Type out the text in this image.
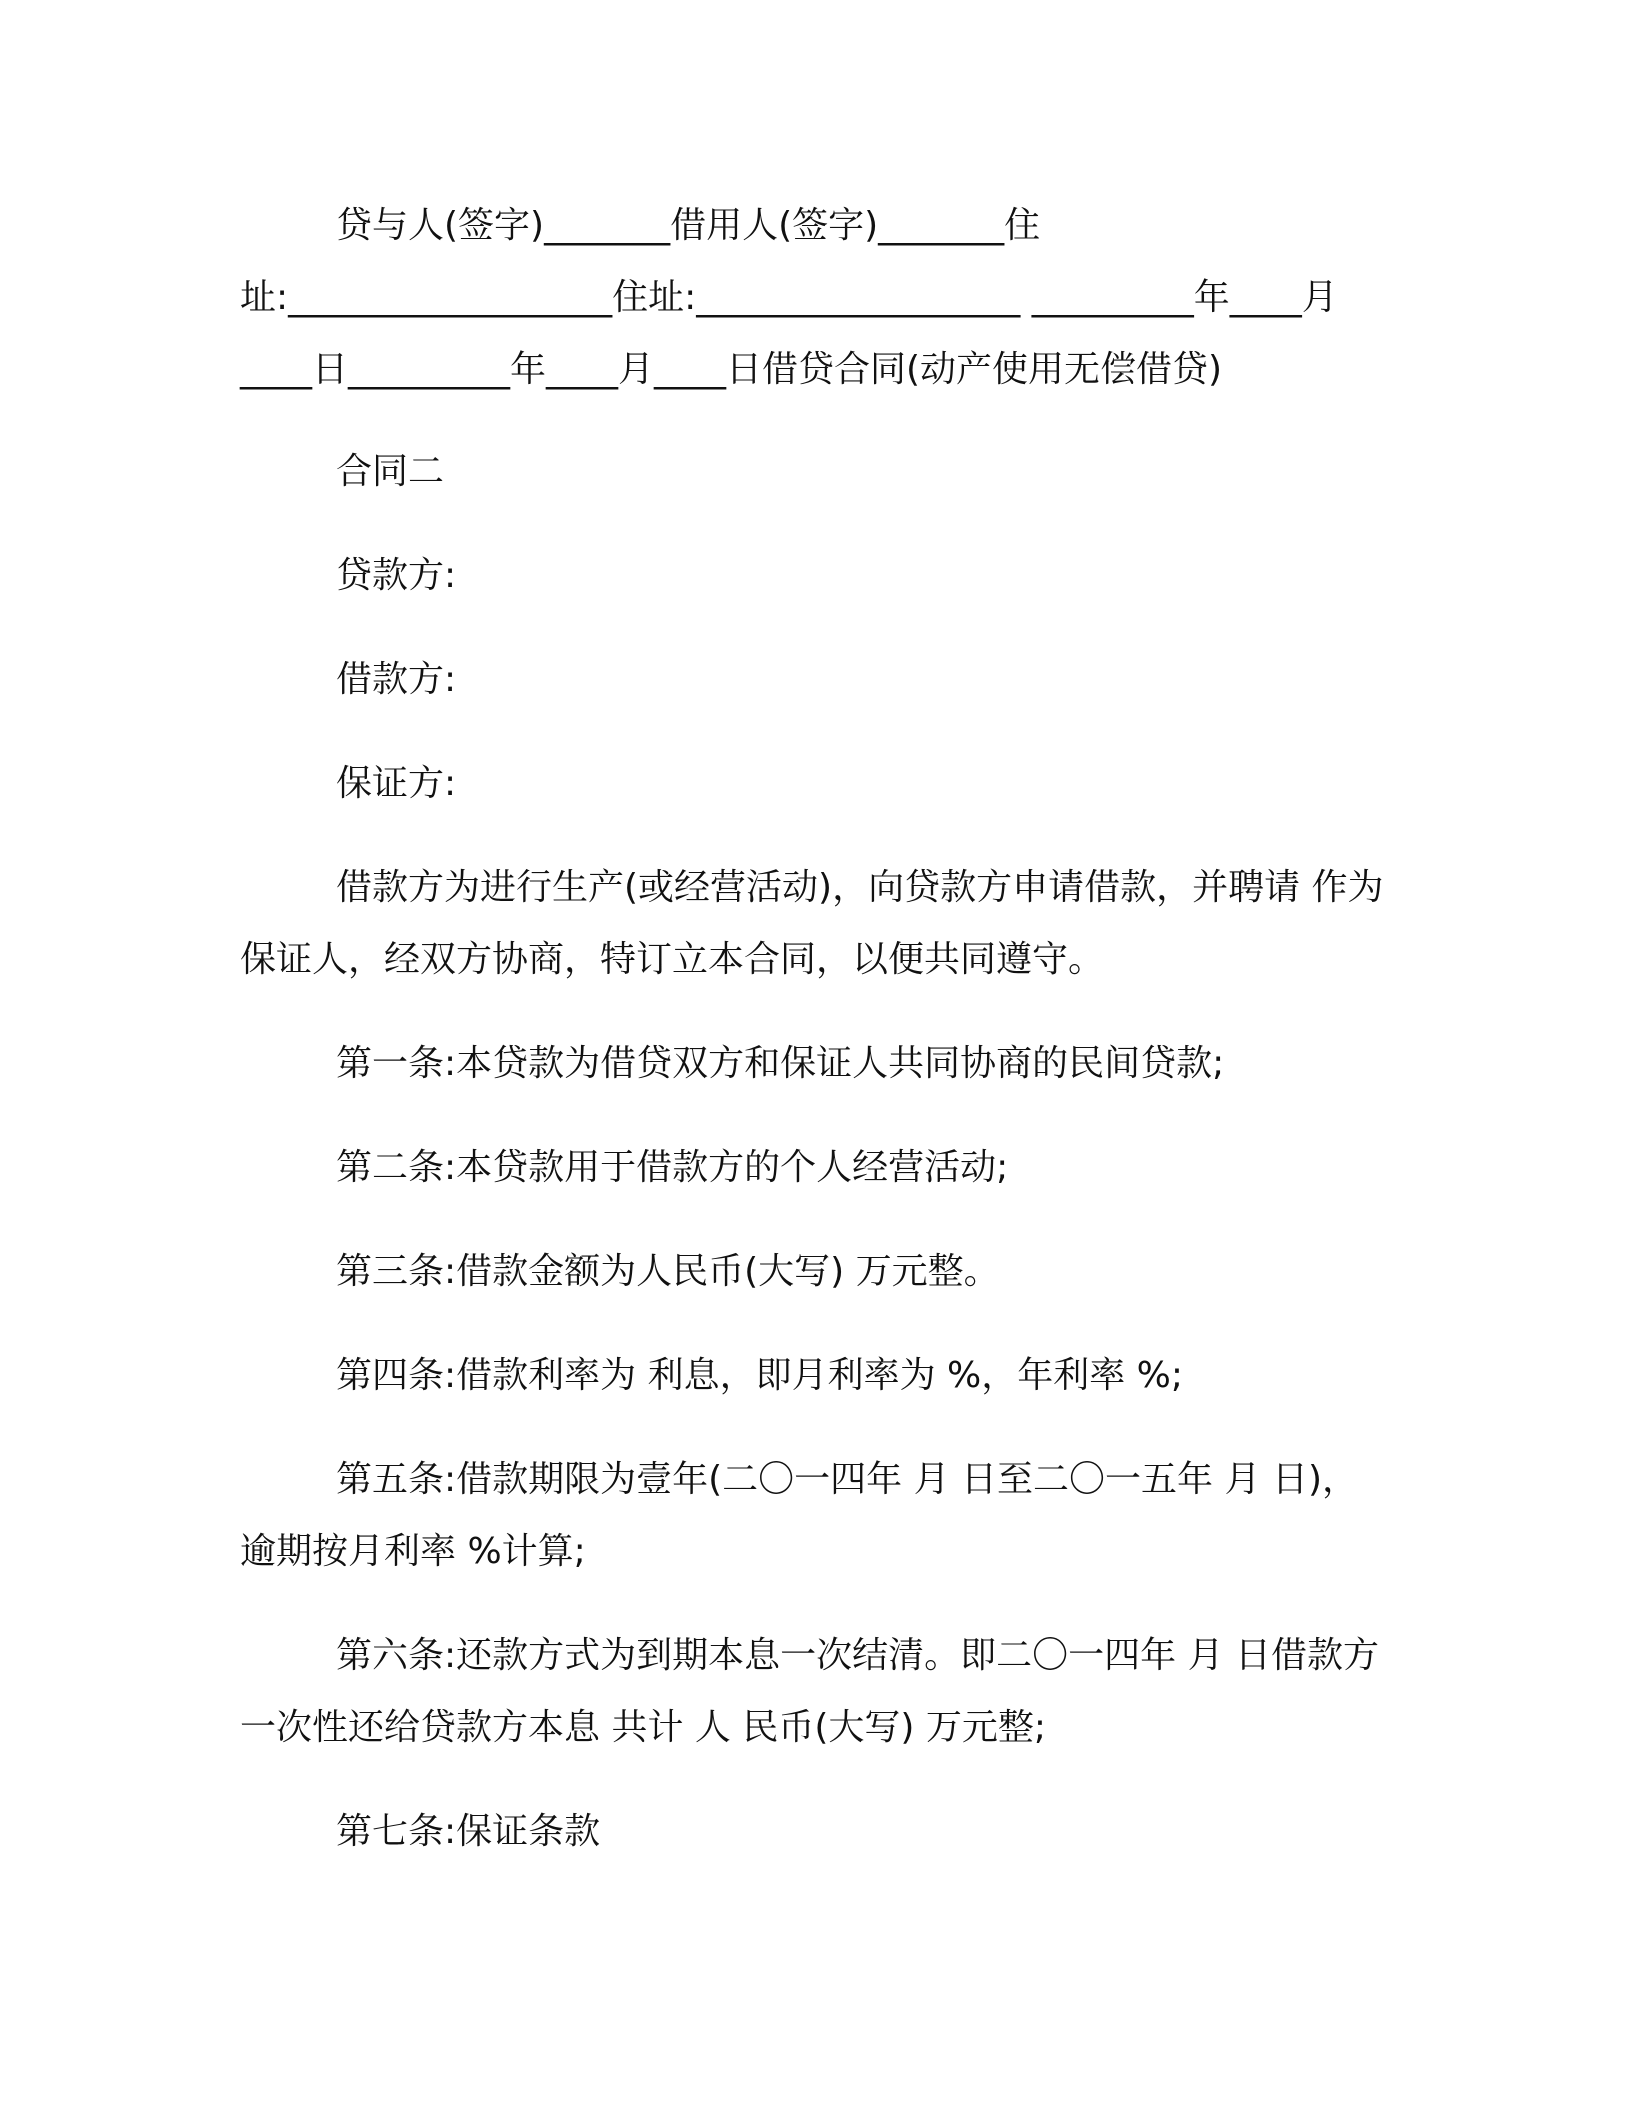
贷与人(签字)_______借用人(签字)_______住址:__________________住址:__________________ _________年____月____日_________年____月____日借贷合同(动产使用无偿借贷)

合同二

贷款方:

借款方:

保证方:

借款方为进行生产(或经营活动)，向贷款方申请借款，并聘请 作为保证人，经双方协商，特订立本合同，以便共同遵守。

第一条:本贷款为借贷双方和保证人共同协商的民间贷款;

第二条:本贷款用于借款方的个人经营活动;

第三条:借款金额为人民币(大写) 万元整。

第四条:借款利率为 利息，即月利率为 %，年利率 %;

第五条:借款期限为壹年(二〇一四年 月 日至二〇一五年 月 日)，逾期按月利率 %计算;

第六条:还款方式为到期本息一次结清。即二〇一四年 月 日借款方一次性还给贷款方本息 共计 人 民币(大写) 万元整;

第七条:保证条款
